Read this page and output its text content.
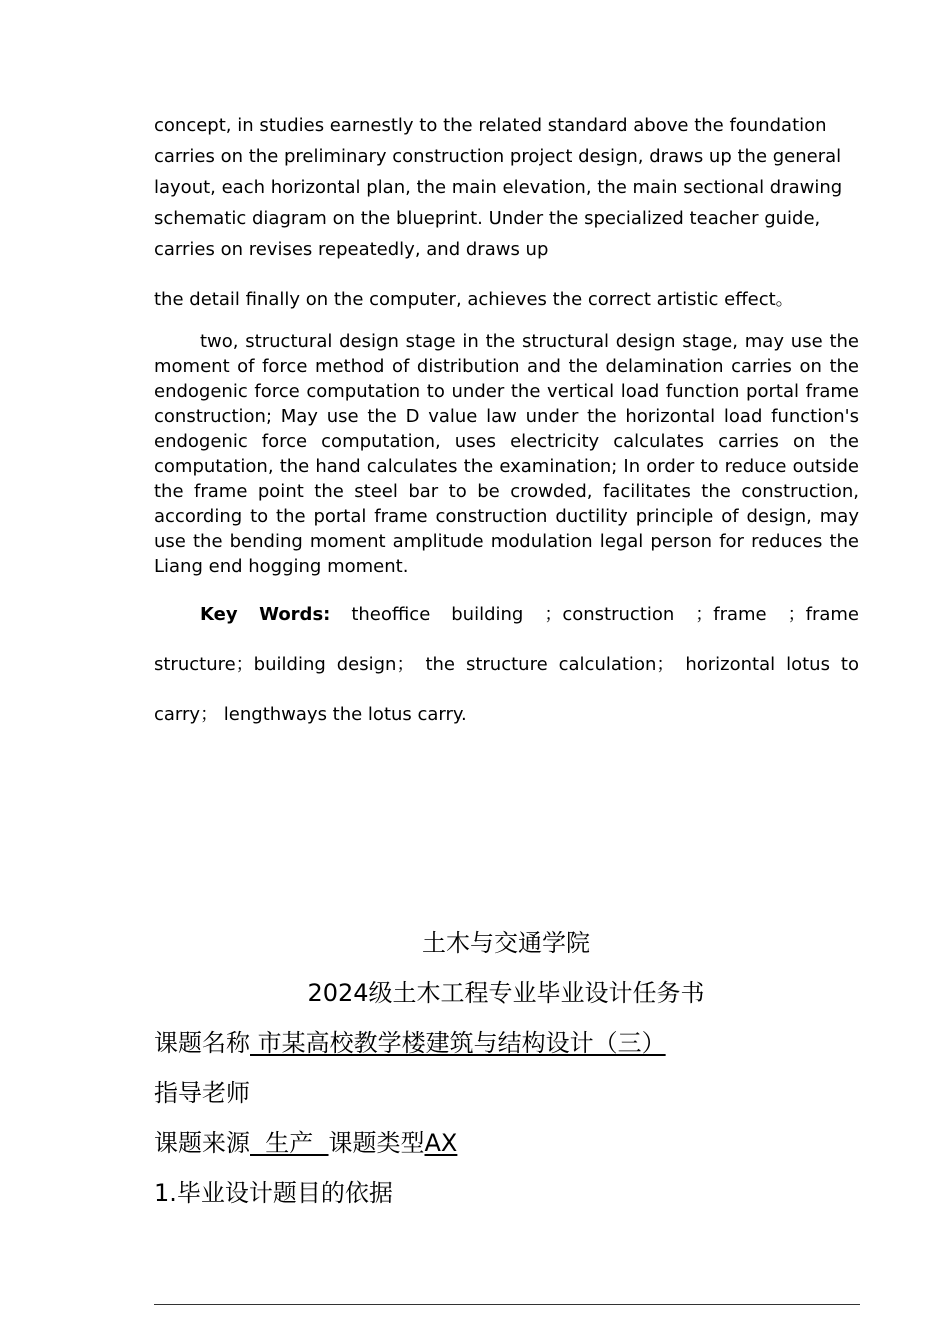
concept, in studies earnestly to the related standard above the foundation carries on the preliminary construction project design, draws up the general layout, each horizontal plan, the main elevation, the main sectional drawing schematic diagram on the blueprint. Under the specialized teacher guide, carries on revises repeatedly, and draws up

the detail finally on the computer, achieves the correct artistic effect。

two, structural design stage in the structural design stage, may use the moment of force method of distribution and the delamination carries on the endogenic force computation to under the vertical load function portal frame construction; May use the D value law under the horizontal load function's endogenic force computation, uses electricity calculates carries on the computation, the hand calculates the examination; In order to reduce outside the frame point the steel bar to be crowded, facilitates the construction, according to the portal frame construction ductility principle of design, may use the bending moment amplitude modulation legal person for reduces the Liang end hogging moment.

Key Words: theoffice building ；construction ；frame ；frame structure；building design； the structure calculation； horizontal lotus to carry； lengthways the lotus carry.

土木与交通学院

2024级土木工程专业毕业设计任务书

课题名称 市某高校教学楼建筑与结构设计（三）

指导老师

课题来源  生产  课题类型AX

1.毕业设计题目的依据
